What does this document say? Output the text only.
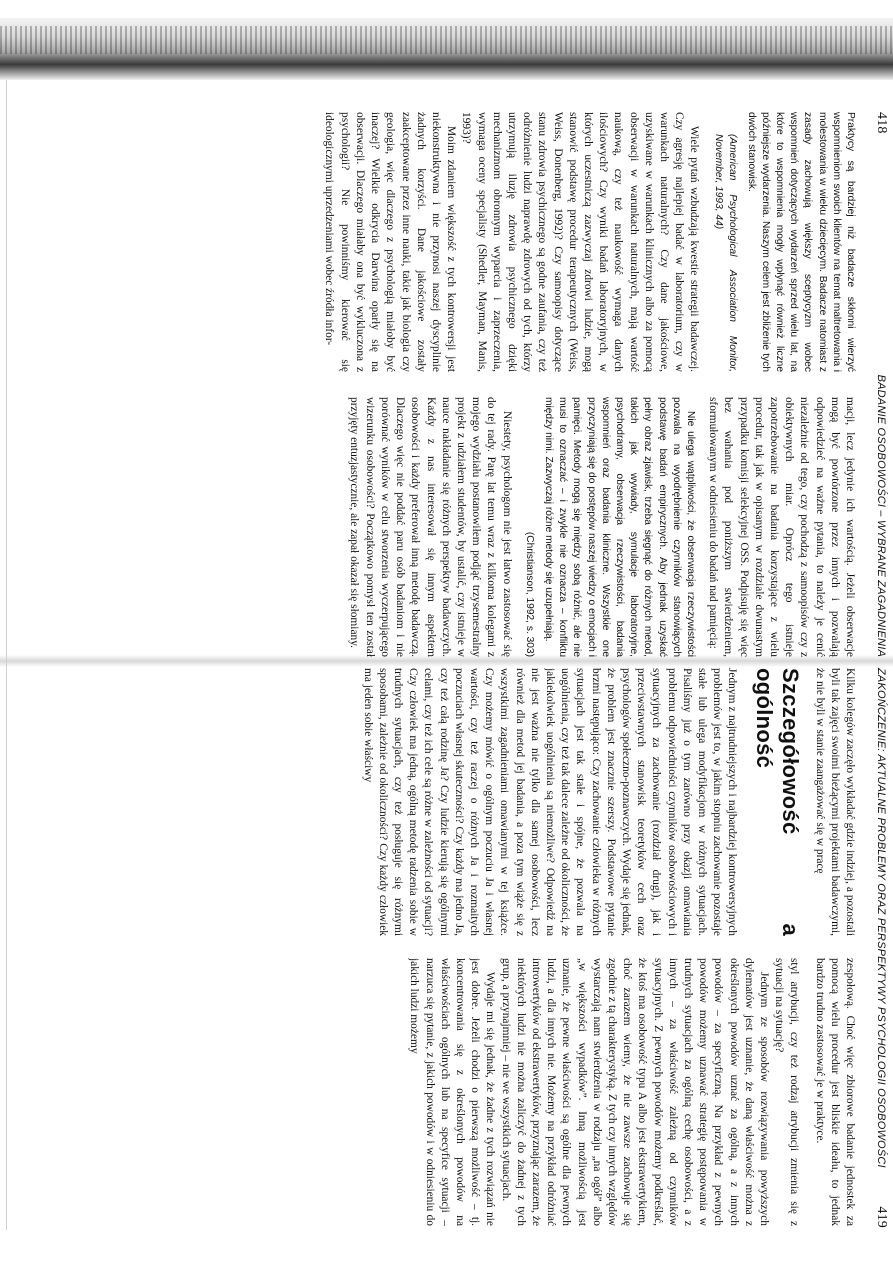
418
BADANIE OSOBOWOŚCI – WYBRANE ZAGADNIENIA

Praktycy są bardziej niż badacze skłonni wierzyć wspomnieniom swoich klientów na temat maltretowania i molestowania w wieku dziecięcym. Badacze natomiast z zasady zachowują większy sceptycyzm wobec wspomnień dotyczących wydarzeń sprzed wielu lat, na które to wspomnienia mogły wpłynąć również liczne późniejsze wydarzenia. Naszym celem jest zbliżenie tych dwóch stanowisk.

(American Psychological Association Monitor, November, 1993, 44)

Wiele pytań wzbudzają kwestie strategii badawczej. Czy agresję najlepiej badać w laboratorium, czy w warunkach naturalnych? Czy dane jakościowe, uzyskiwane w warunkach klinicznych albo za pomocą obserwacji w warunkach naturalnych, mają wartość naukową, czy też naukowość wymaga danych ilościowych? Czy wyniki badań laboratoryjnych, w których uczestniczą zazwyczaj zdrowi ludzie, mogą stanowić podstawę procedur terapeutycznych (Weiss, Weiss, Donenberg, 1992)? Czy samoopisy dotyczące stanu zdrowia psychicznego są godne zaufania, czy też odróżnienie ludzi naprawdę zdrowych od tych, którzy utrzymują iluzję zdrowia psychicznego dzięki mechanizmom obronnym wyparcia i zaprzeczenia, wymaga oceny specjalisty (Shedler, Mayman, Manis, 1993)?

Moim zdaniem większość z tych kontrowersji jest niekonstruktywna i nie przynosi naszej dyscyplinie żadnych korzyści. Dane jakościowe zostały zaakceptowane przez inne nauki, takie jak biologia czy geologia, więc dlaczego z psychologią miałoby być inaczej? Wielkie odkrycia Darwina oparły się na obserwacji. Dlaczego miałaby ona być wykluczona z psychologii? Nie powinniśmy kierować się ideologicznymi uprzedzeniami wobec źródła infor-

macji, lecz jedynie ich wartością. Jeżeli obserwacje mogą być powtórzone przez innych i pozwalają odpowiedzieć na ważne pytania, to należy je cenić niezależnie od tego, czy pochodzą z samoopisów czy z obiektywnych miar. Oprócz tego istnieje zapotrzebowanie na badania korzystające z wielu procedur, tak jak w opisanym w rozdziale dwunastym przypadku komisji selekcyjnej OSS. Podpisuję się więc bez wahania pod poniższym stwierdzeniem, sformułowanym w odniesieniu do badań nad pamięcią:

Nie ulega wątpliwości, że obserwacja rzeczywistości pozwala na wyodrębnienie czynników stanowiących podstawę badań empirycznych. Aby jednak uzyskać pełny obraz zjawisk, trzeba sięgnąć do różnych metod, takich jak wywiady, symulacje laboratoryjne, psychodramy, obserwacja rzeczywistości, badania wspomnień oraz badania kliniczne. Wszystkie one przyczyniają się do postępów naszej wiedzy o emocjach i pamięci. Metody mogą się między sobą różnić, ale nie musi to oznaczać – i zwykle nie oznacza – konfliktu między nimi. Zazwyczaj różne metody się uzupełniają.

(Christianson, 1992, s. 303)

Niestety, psychologom nie jest łatwo zastosować się do tej rady. Parę lat temu wraz z kilkoma kolegami z mojego wydziału postanowiłem podjąć trzysemestralny projekt z udziałem studentów, by ustalić, czy istnieje w nauce nakładanie się różnych perspektyw badawczych. Każdy z nas interesował się innym aspektem osobowości i każdy preferował inną metodę badawczą. Dlaczego więc nie poddać paru osób badaniom i nie porównać wyników w celu stworzenia wyczerpującego wizerunku osobowości? Początkowo pomysł ten został przyjęty entuzjastycznie, ale zapał okazał się słomiany.

ZAKOŃCZENIE: AKTUALNE PROBLEMY ORAZ PERSPEKTYWY PSYCHOLOGII OSOBOWOŚCI
419

Kilku kolegów zaczęło wykładać gdzie indziej, a pozostali byli tak zajęci swoimi bieżącymi projektami badawczymi, że nie byli w stanie zaangażować się w pracę

Szczegółowość a ogólność

Jednym z najtrudniejszych i najbardziej kontrowersyjnych problemów jest to, w jakim stopniu zachowanie pozostaje stałe lub ulega modyfikacjom w różnych sytuacjach. Pisaliśmy już o tym zarówno przy okazji omawiania problemu odpowiedniości czynników osobowościowych i sytuacyjnych za zachowanie (rozdział drugi), jak i przeciwstawnych stanowisk teoretyków cech oraz psychologów społeczno-poznawczych. Wydaje się jednak, że problem jest znacznie szerszy. Podstawowe pytanie brzmi następująco: Czy zachowanie człowieka w różnych sytuacjach jest tak stałe i spójne, że pozwala na uogólnienia, czy też tak dalece zależne od okoliczności, że jakiekolwiek uogólnienia są niemożliwe? Odpowiedź na nie jest ważna nie tylko dla samej osobowości, lecz również dla metod jej badania, a poza tym wiąże się z wszystkimi zagadnieniami omawianymi w tej książce. Czy możemy mówić o ogólnym poczuciu Ja i własnej wartości, czy też raczej o różnych Ja i rozmaitych poczuciach własnej skuteczności? Czy każdy ma jedno Ja, czy też całą rodzinę Ja? Czy ludzie kierują się ogólnymi celami, czy też ich cele są różne w zależności od sytuacji? Czy człowiek ma jedną, ogólną metodę radzenia sobie w trudnych sytuacjach, czy też posługuje się różnymi sposobami, zależnie od okoliczności? Czy każdy człowiek ma jeden sobie właściwy

zespołową. Choć więc zbiorowe badanie jednostek za pomocą wielu procedur jest bliskie ideału, to jednak bardzo trudno zastosować je w praktyce.

styl atrybucji, czy też rodzaj atrybucji zmienia się z sytuacji na sytuację?

Jednym ze sposobów rozwiązywania powyższych dylematów jest uznanie, że daną właściwość można z określonych powodów uznać za ogólną, a z innych powodów – za specyficzną. Na przykład z pewnych powodów możemy uznawać strategię postępowania w trudnych sytuacjach za ogólną cechę osobowości, a z innych – za właściwość zależną od czynników sytuacyjnych. Z pewnych powodów możemy podkreślać, że ktoś ma osobowość typu A albo jest ekstrawertykiem, choć zarazem wiemy, że nie zawsze zachowuje się zgodnie z tą charakterystyką. Z tych czy innych względów wystarczają nam stwierdzenia w rodzaju „na ogół” albo „w większości wypadków”. Inną możliwością jest uznanie, że pewne właściwości są ogólne dla pewnych ludzi, a dla innych nie. Możemy na przykład odróżniać introwertyków od ekstrawertyków, przyznając zarazem, że niektórych ludzi nie można zaliczyć do żadnej z tych grup, a przynajmniej – nie we wszystkich sytuacjach.

Wydaje mi się jednak, że żadne z tych rozwiązań nie jest dobre. Jeżeli chodzi o pierwszą możliwość – tj. koncentrowania się z określonych powodów na właściwościach ogólnych lub na specyfice sytuacji – narzuca się pytanie, z jakich powodów i w odniesieniu do jakich ludzi możemy
